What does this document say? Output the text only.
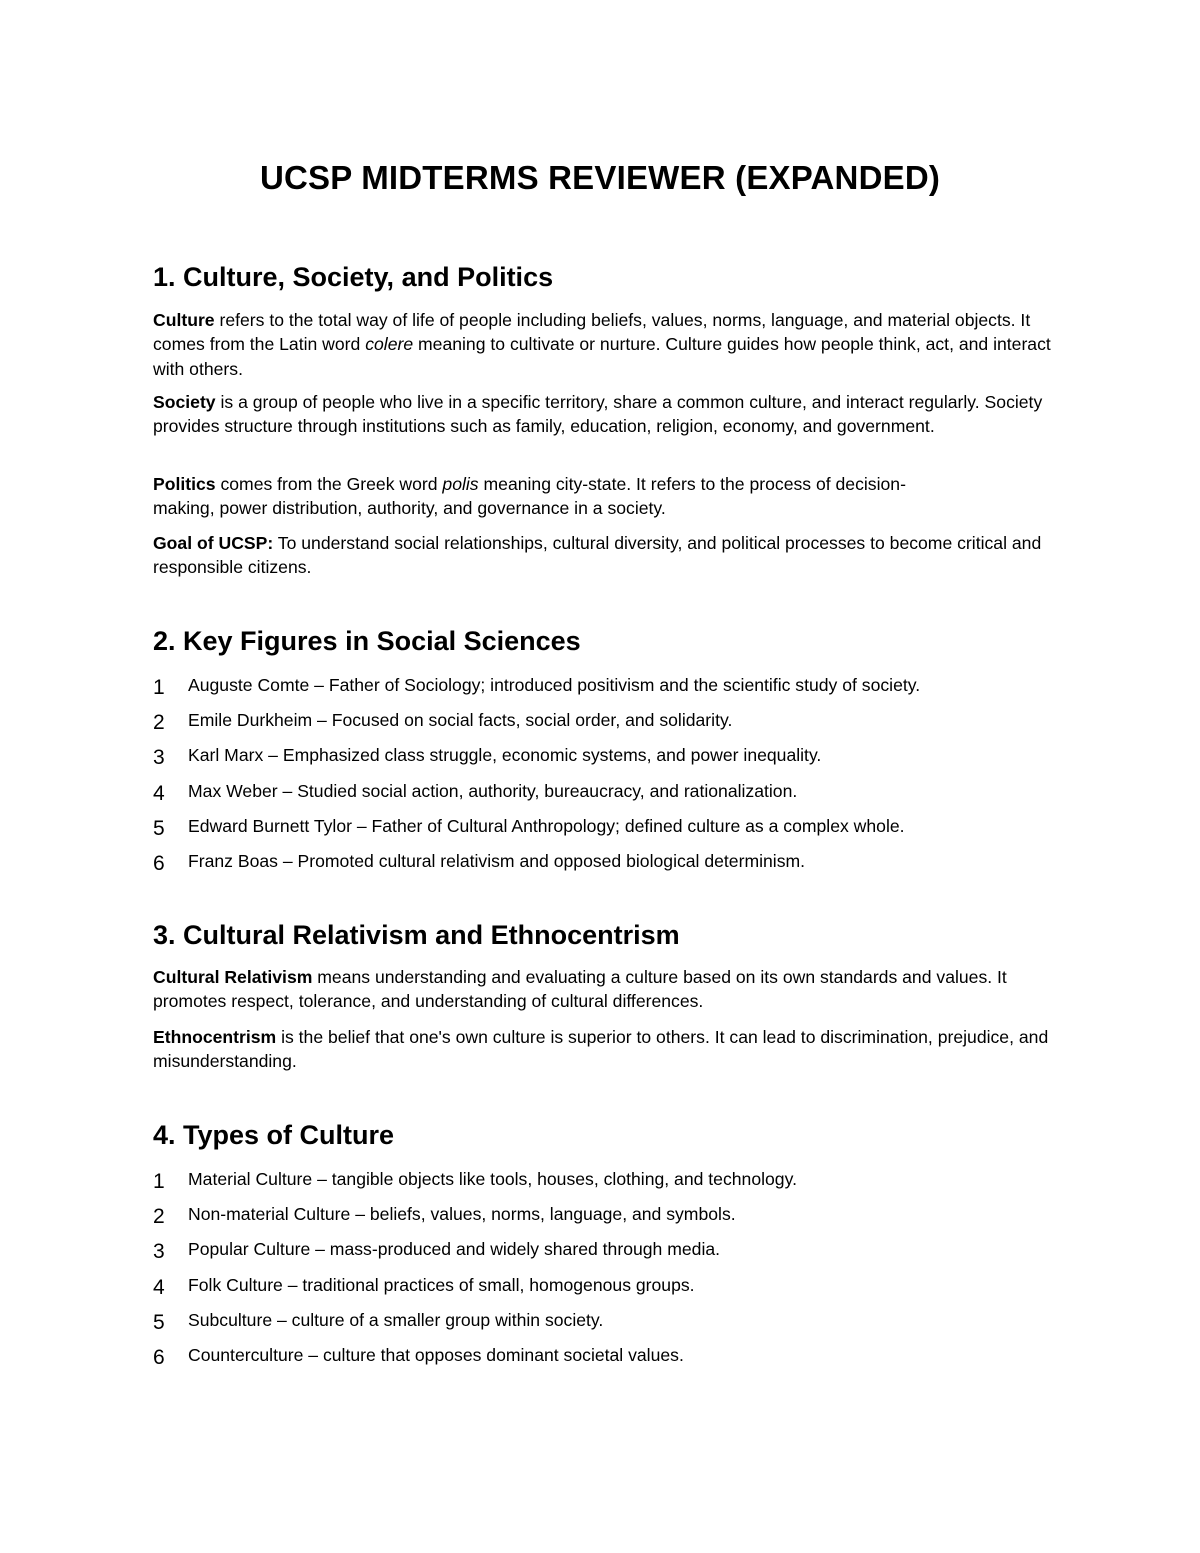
UCSP MIDTERMS REVIEWER (EXPANDED)
1. Culture, Society, and Politics

Culture refers to the total way of life of people including beliefs, values, norms, language, and material objects. It comes from the Latin word colere meaning to cultivate or nurture. Culture guides how people think, act, and interact with others.

Society is a group of people who live in a specific territory, share a common culture, and interact regularly. Society provides structure through institutions such as family, education, religion, economy, and government.

Politics comes from the Greek word polis meaning city-state. It refers to the process of decision-making, power distribution, authority, and governance in a society.

Goal of UCSP: To understand social relationships, cultural diversity, and political processes to become critical and responsible citizens.

2. Key Figures in Social Sciences
1 Auguste Comte – Father of Sociology; introduced positivism and the scientific study of society.
2 Emile Durkheim – Focused on social facts, social order, and solidarity.
3 Karl Marx – Emphasized class struggle, economic systems, and power inequality.
4 Max Weber – Studied social action, authority, bureaucracy, and rationalization.
5 Edward Burnett Tylor – Father of Cultural Anthropology; defined culture as a complex whole.
6 Franz Boas – Promoted cultural relativism and opposed biological determinism.
3. Cultural Relativism and Ethnocentrism

Cultural Relativism means understanding and evaluating a culture based on its own standards and values. It promotes respect, tolerance, and understanding of cultural differences.

Ethnocentrism is the belief that one's own culture is superior to others. It can lead to discrimination, prejudice, and misunderstanding.

4. Types of Culture
1 Material Culture – tangible objects like tools, houses, clothing, and technology.
2 Non-material Culture – beliefs, values, norms, language, and symbols.
3 Popular Culture – mass-produced and widely shared through media.
4 Folk Culture – traditional practices of small, homogenous groups.
5 Subculture – culture of a smaller group within society.
6 Counterculture – culture that opposes dominant societal values.
